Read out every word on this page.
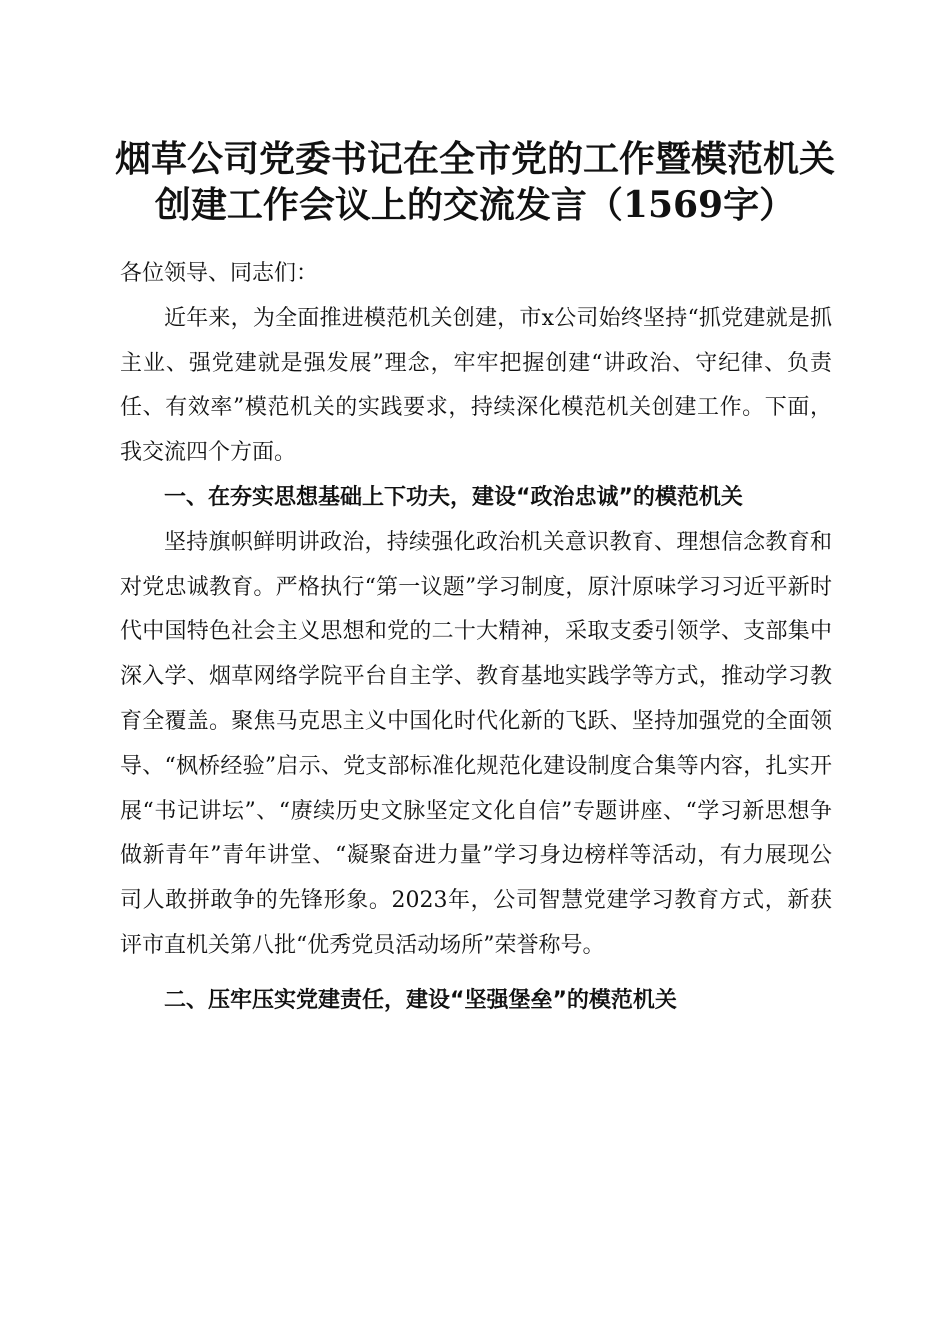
烟草公司党委书记在全市党的工作暨模范机关
创建工作会议上的交流发言（1569字）

各位领导、同志们：

近年来，为全面推进模范机关创建，市x公司始终坚持“抓党建就是抓主业、强党建就是强发展”理念，牢牢把握创建“讲政治、守纪律、负责任、有效率”模范机关的实践要求，持续深化模范机关创建工作。下面，我交流四个方面。

一、在夯实思想基础上下功夫，建设“政治忠诚”的模范机关

坚持旗帜鲜明讲政治，持续强化政治机关意识教育、理想信念教育和对党忠诚教育。严格执行“第一议题”学习制度，原汁原味学习习近平新时代中国特色社会主义思想和党的二十大精神，采取支委引领学、支部集中深入学、烟草网络学院平台自主学、教育基地实践学等方式，推动学习教育全覆盖。聚焦马克思主义中国化时代化新的飞跃、坚持加强党的全面领导、“枫桥经验”启示、党支部标准化规范化建设制度合集等内容，扎实开展“书记讲坛”、“赓续历史文脉坚定文化自信”专题讲座、“学习新思想争做新青年”青年讲堂、“凝聚奋进力量”学习身边榜样等活动，有力展现公司人敢拼敢争的先锋形象。2023年，公司智慧党建学习教育方式，新获评市直机关第八批“优秀党员活动场所”荣誉称号。

二、压牢压实党建责任，建设“坚强堡垒”的模范机关
